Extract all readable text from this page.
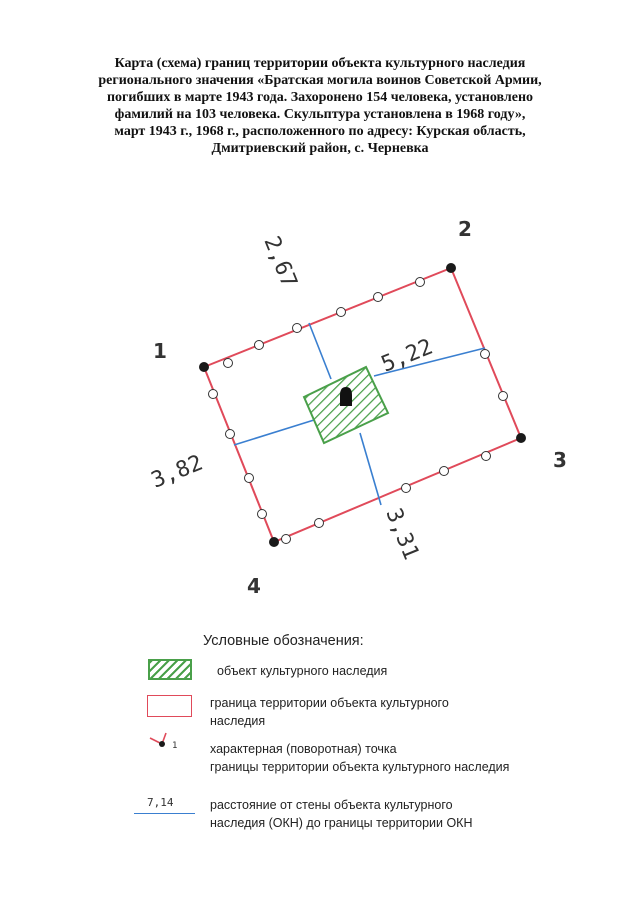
Карта (схема) границ территории объекта культурного наследия
регионального значения «Братская могила воинов Советской Армии,
погибших в марте 1943 года. Захоронено 154 человека, установлено
фамилий на 103 человека. Скульптура установлена в 1968 году»,
март 1943 г., 1968 г., расположенного по адресу: Курская область,
Дмитриевский район, с. Черневка
1
2
3
4
2,67
5,22
3,82
3,31
Условные обозначения:
объект культурного наследия
граница территории объекта культурного
наследия
1	характерная (поворотная) точка
границы территории объекта культурного наследия
7,14	расстояние от стены объекта культурного
наследия (ОКН) до границы территории ОКН
